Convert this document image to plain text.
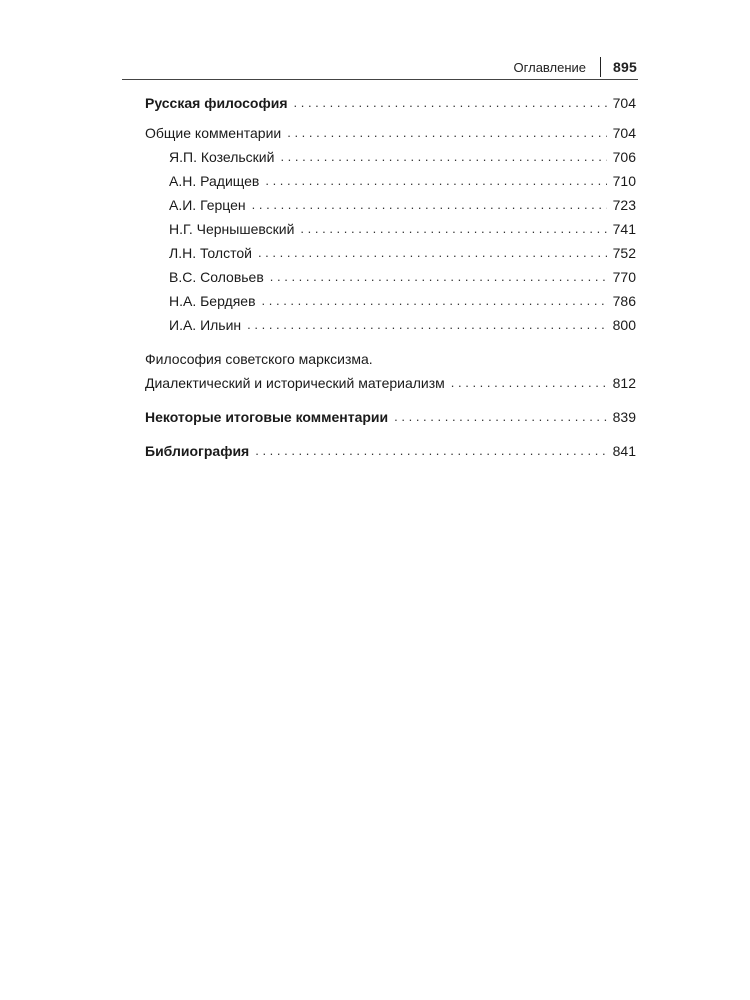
Оглавление 895
Русская философия . . .	704
Общие комментарии . . .	704
Я.П. Козельский . . .	706
А.Н. Радищев . . .	710
А.И. Герцен . . .	723
Н.Г. Чернышевский . . .	741
Л.Н. Толстой . . .	752
В.С. Соловьев . . .	770
Н.А. Бердяев . . .	786
И.А. Ильин . . .	800
Философия советского марксизма.
Диалектический и исторический материализм . . .	812
Некоторые итоговые комментарии . . .	839
Библиография . . .	841
